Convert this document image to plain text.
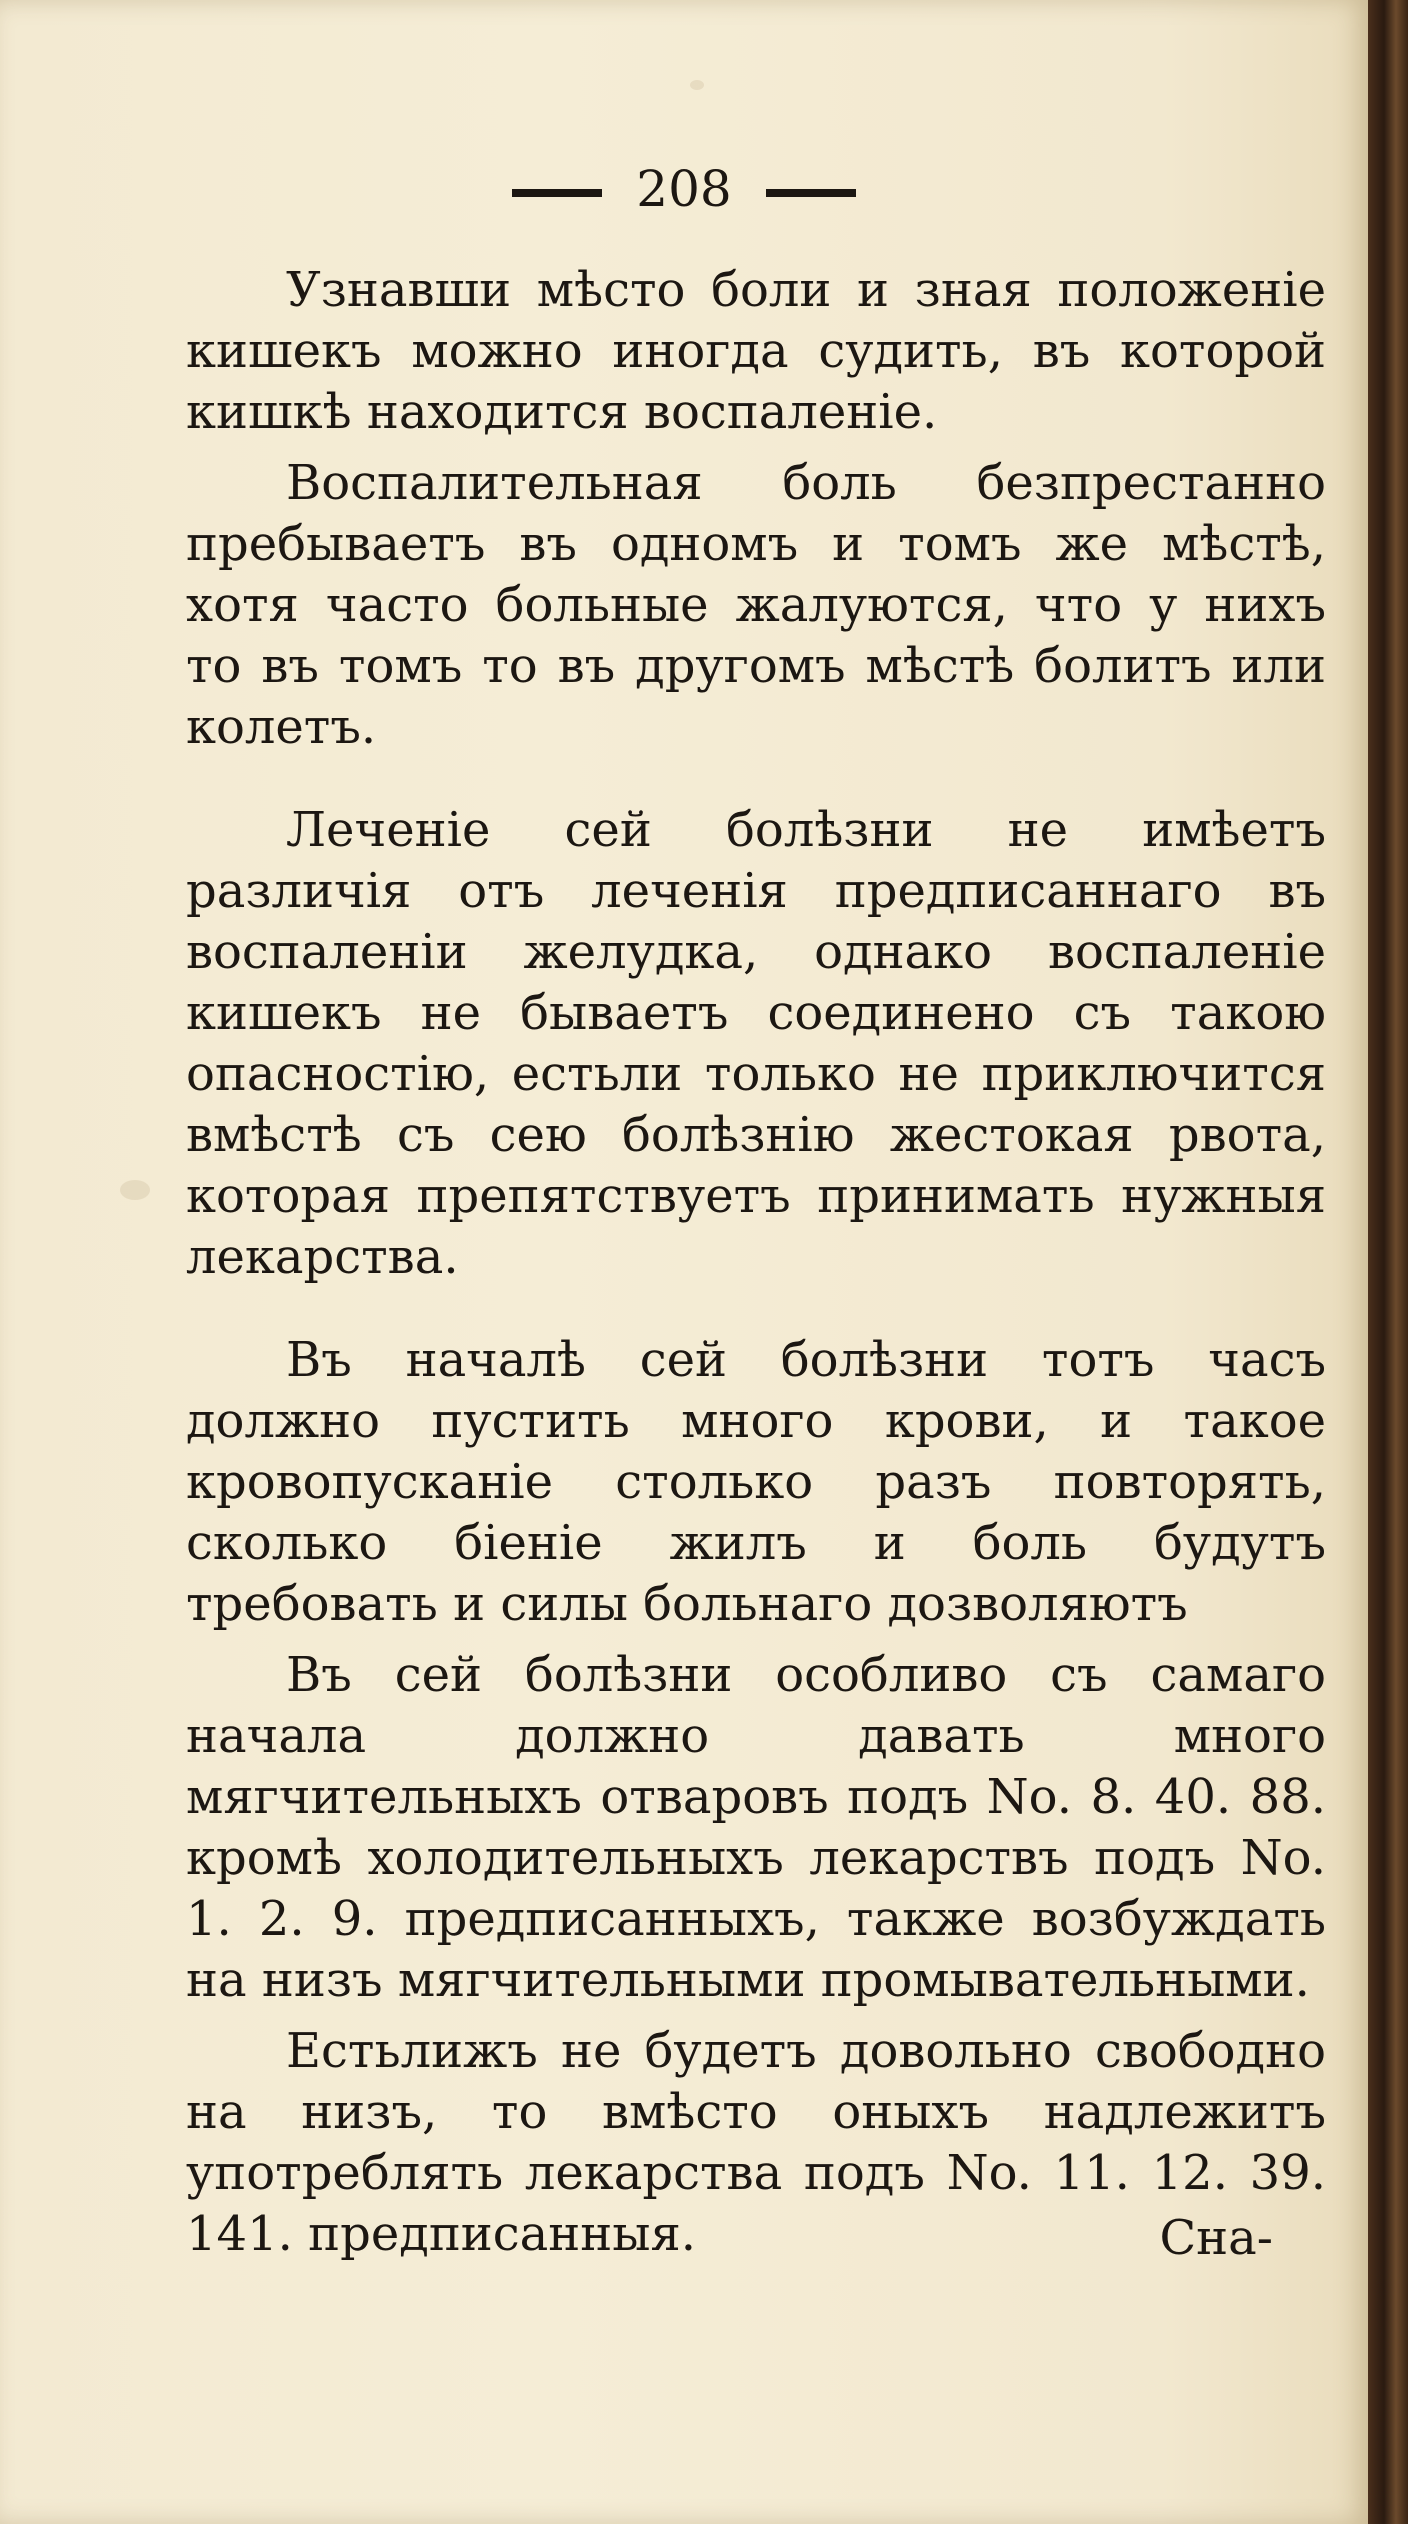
208

Узнавши мѣсто боли и зная положеніе кишекъ можно иногда судить, въ которой кишкѣ находится воспаленіе.

Воспалительная боль безпрестанно пребываетъ въ одномъ и томъ же мѣстѣ, хотя часто больные жалуются, что у нихъ то въ томъ то въ другомъ мѣстѣ болитъ или колетъ.

Леченіе сей болѣзни не имѣетъ различія отъ леченія предписаннаго въ воспаленіи желудка, однако воспаленіе кишекъ не бываетъ соединено съ такою опасностію, естьли только не приключится вмѣстѣ съ сею болѣзнію жестокая рвота, которая препятствуетъ принимать нужныя лекарства.

Въ началѣ сей болѣзни тотъ часъ должно пустить много крови, и такое кровопусканіе столько разъ повторять, сколько біеніе жилъ и боль будутъ требовать и силы больнаго дозволяютъ

Въ сей болѣзни особливо съ самаго начала должно давать много мягчительныхъ отваровъ подъ No. 8. 40. 88. кромѣ холодительныхъ лекарствъ подъ No. 1. 2. 9. предписанныхъ, также возбуждать на низъ мягчительными промывательными.

Естьлижъ не будетъ довольно свободно на низъ, то вмѣсто оныхъ надлежитъ употреблять лекарства подъ No. 11. 12. 39. 141. предписанныя.	Сна-
